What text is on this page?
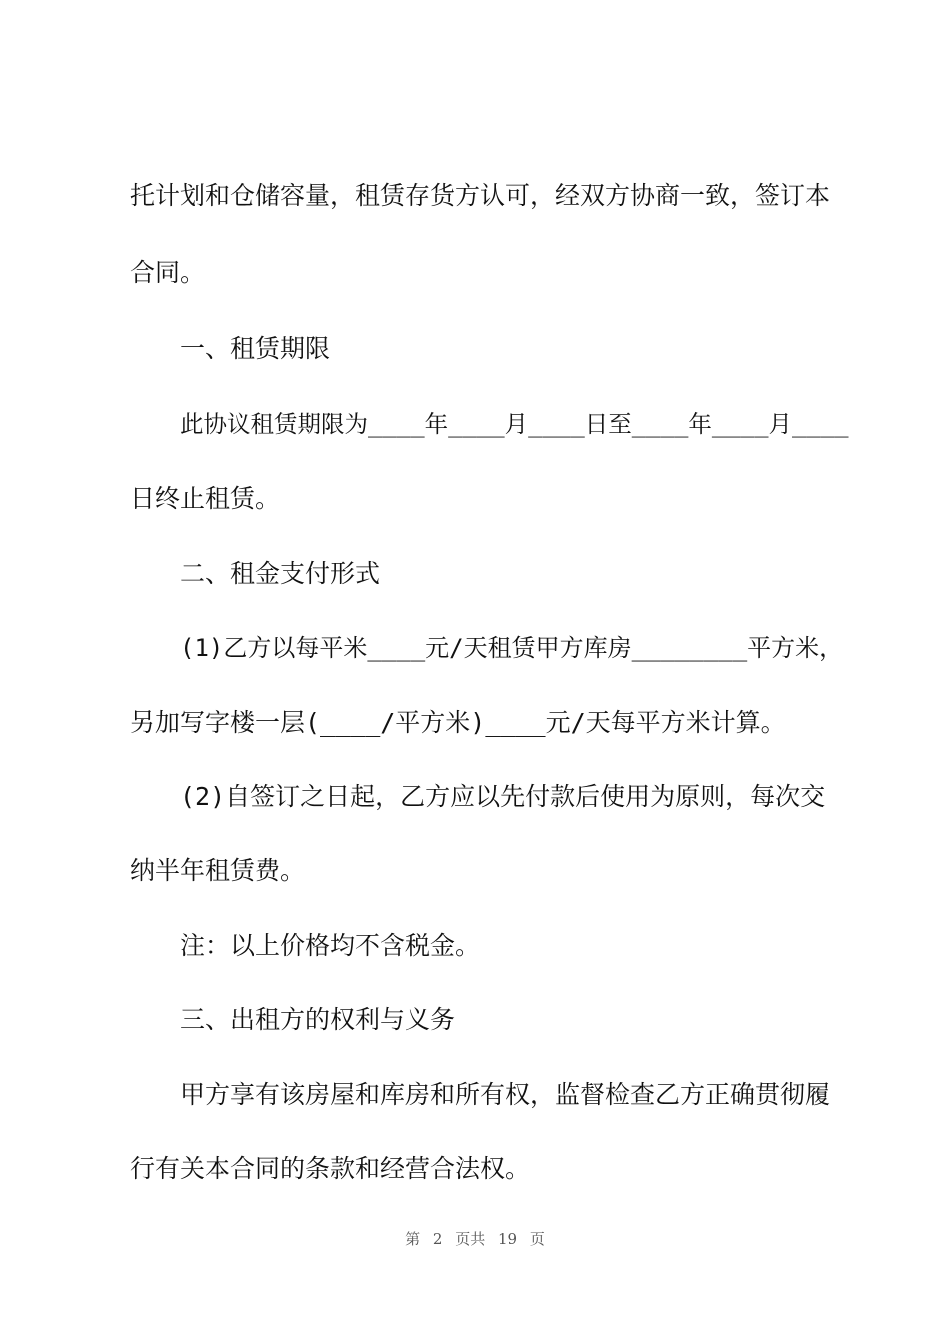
托计划和仓储容量，租赁存货方认可，经双方协商一致，签订本
合同。
一、租赁期限
此协议租赁期限为____年____月____日至____年____月____
日终止租赁。
二、租金支付形式
(1)乙方以每平米____元/天租赁甲方库房________平方米，
另加写字楼一层(____/平方米)____元/天每平方米计算。
(2)自签订之日起，乙方应以先付款后使用为原则，每次交
纳半年租赁费。
注：以上价格均不含税金。
三、出租方的权利与义务
甲方享有该房屋和库房和所有权，监督检查乙方正确贯彻履
行有关本合同的条款和经营合法权。
第 2 页共 19 页
